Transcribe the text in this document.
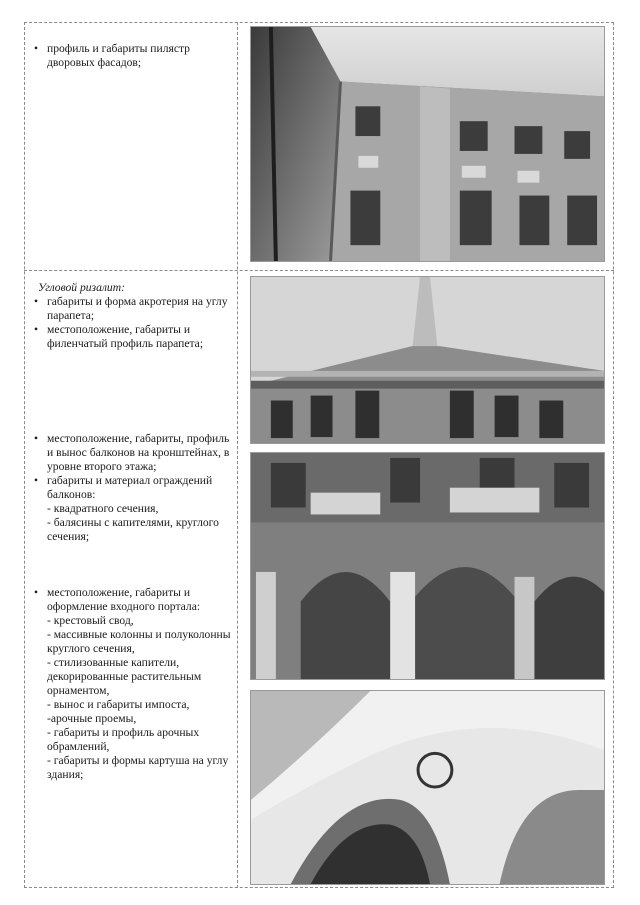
• профиль и габариты пилястр дворовых фасадов;
Угловой ризалит:
• габариты и форма акротерия на углу парапета;
• местоположение, габариты и филенчатый профиль парапета;
• местоположение, габариты, профиль и вынос балконов на кронштейнах, в уровне второго этажа;
• габариты и материал ограждений балконов:
- квадратного сечения,
- балясины с капителями, круглого сечения;
• местоположение, габариты и оформление входного портала:
- крестовый свод,
- массивные колонны и полуколонны круглого сечения,
- стилизованные капители, декорированные растительным орнаментом,
- вынос и габариты импоста,
-арочные проемы,
- габариты и профиль арочных обрамлений,
- габариты и формы картуша на углу здания;
